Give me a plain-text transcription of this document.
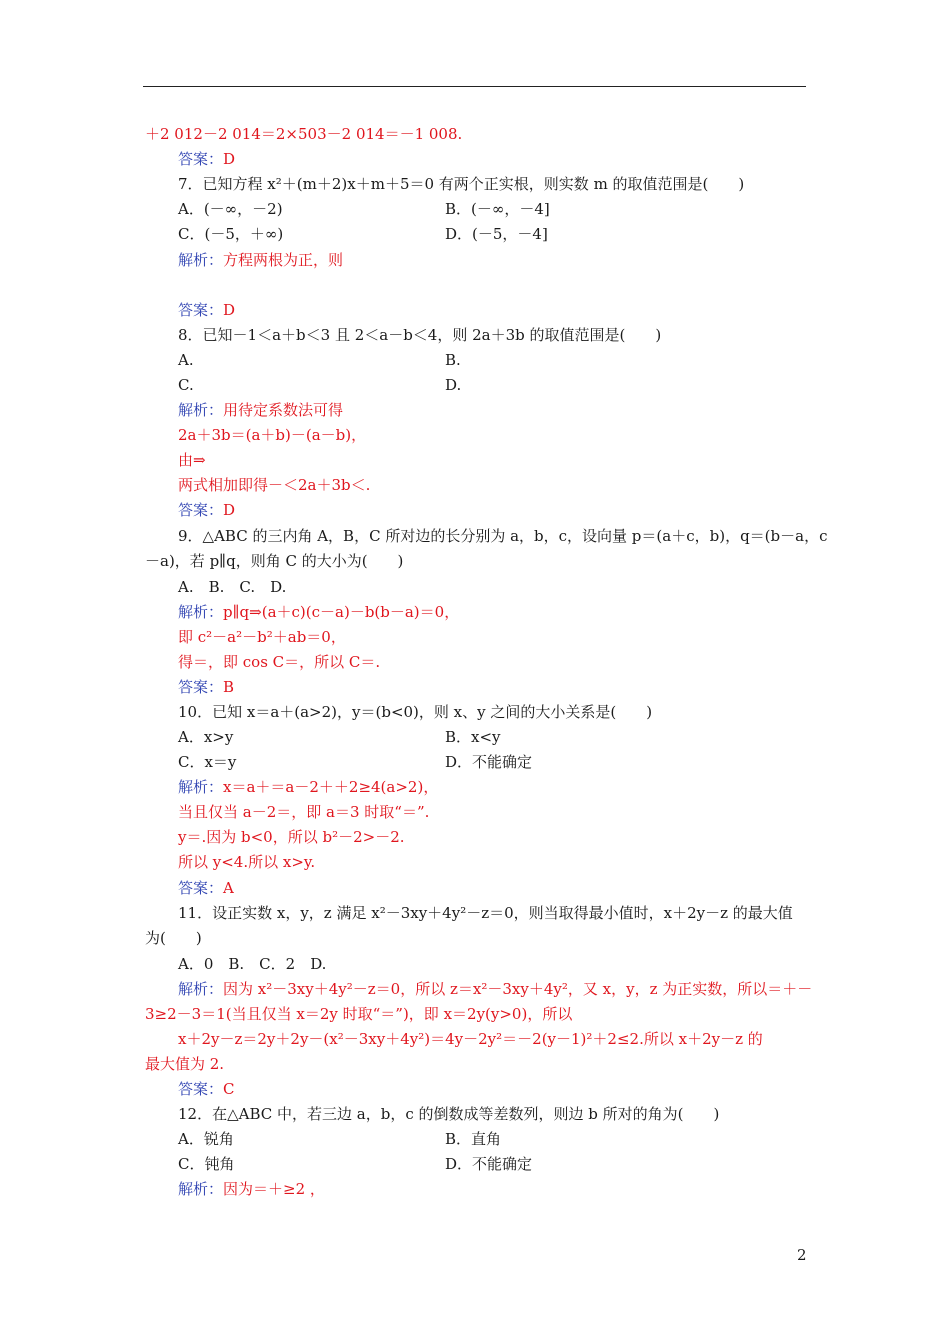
＋2 012－2 014＝2×503－2 014＝－1 008.
答案：D
7．已知方程 x²＋(m＋2)x＋m＋5＝0 有两个正实根，则实数 m 的取值范围是(　　)
A．(－∞，－2)	B．(－∞，－4]
C．(－5，＋∞)	D．(－5，－4]
解析：方程两根为正，则
答案：D
8．已知－1＜a＋b＜3 且 2＜a－b＜4，则 2a＋3b 的取值范围是(　　)
A.	B.
C.	D.
解析：用待定系数法可得
2a＋3b＝(a＋b)－(a－b)，
由⇒
两式相加即得－＜2a＋3b＜.
答案：D
9．△ABC 的三内角 A，B，C 所对边的长分别为 a，b，c，设向量 p＝(a＋c，b)，q＝(b－a，c
－a)，若 p∥q，则角 C 的大小为(　　)
A.　B.　C.　D.
解析：p∥q⇒(a＋c)(c－a)－b(b－a)＝0，
即 c²－a²－b²＋ab＝0，
得＝，即 cos C＝，所以 C＝.
答案：B
10．已知 x＝a＋(a>2)，y＝(b<0)，则 x、y 之间的大小关系是(　　)
A．x>y	B．x<y
C．x＝y	D．不能确定
解析：x＝a＋＝a－2＋＋2≥4(a>2)，
当且仅当 a－2＝，即 a＝3 时取“＝”.
y＝.因为 b<0，所以 b²－2>－2.
所以 y<4.所以 x>y.
答案：A
11．设正实数 x，y，z 满足 x²－3xy＋4y²－z＝0，则当取得最小值时，x＋2y－z 的最大值
为(　　)
A．0　B.　C．2　D.
解析：因为 x²－3xy＋4y²－z＝0，所以 z＝x²－3xy＋4y²，又 x，y，z 为正实数，所以＝＋－
3≥2－3＝1(当且仅当 x＝2y 时取“＝”)，即 x＝2y(y>0)，所以
x＋2y－z＝2y＋2y－(x²－3xy＋4y²)＝4y－2y²＝－2(y－1)²＋2≤2.所以 x＋2y－z 的
最大值为 2.
答案：C
12．在△ABC 中，若三边 a，b，c 的倒数成等差数列，则边 b 所对的角为(　　)
A．锐角	B．直角
C．钝角	D．不能确定
解析：因为＝＋≥2 ，
2
